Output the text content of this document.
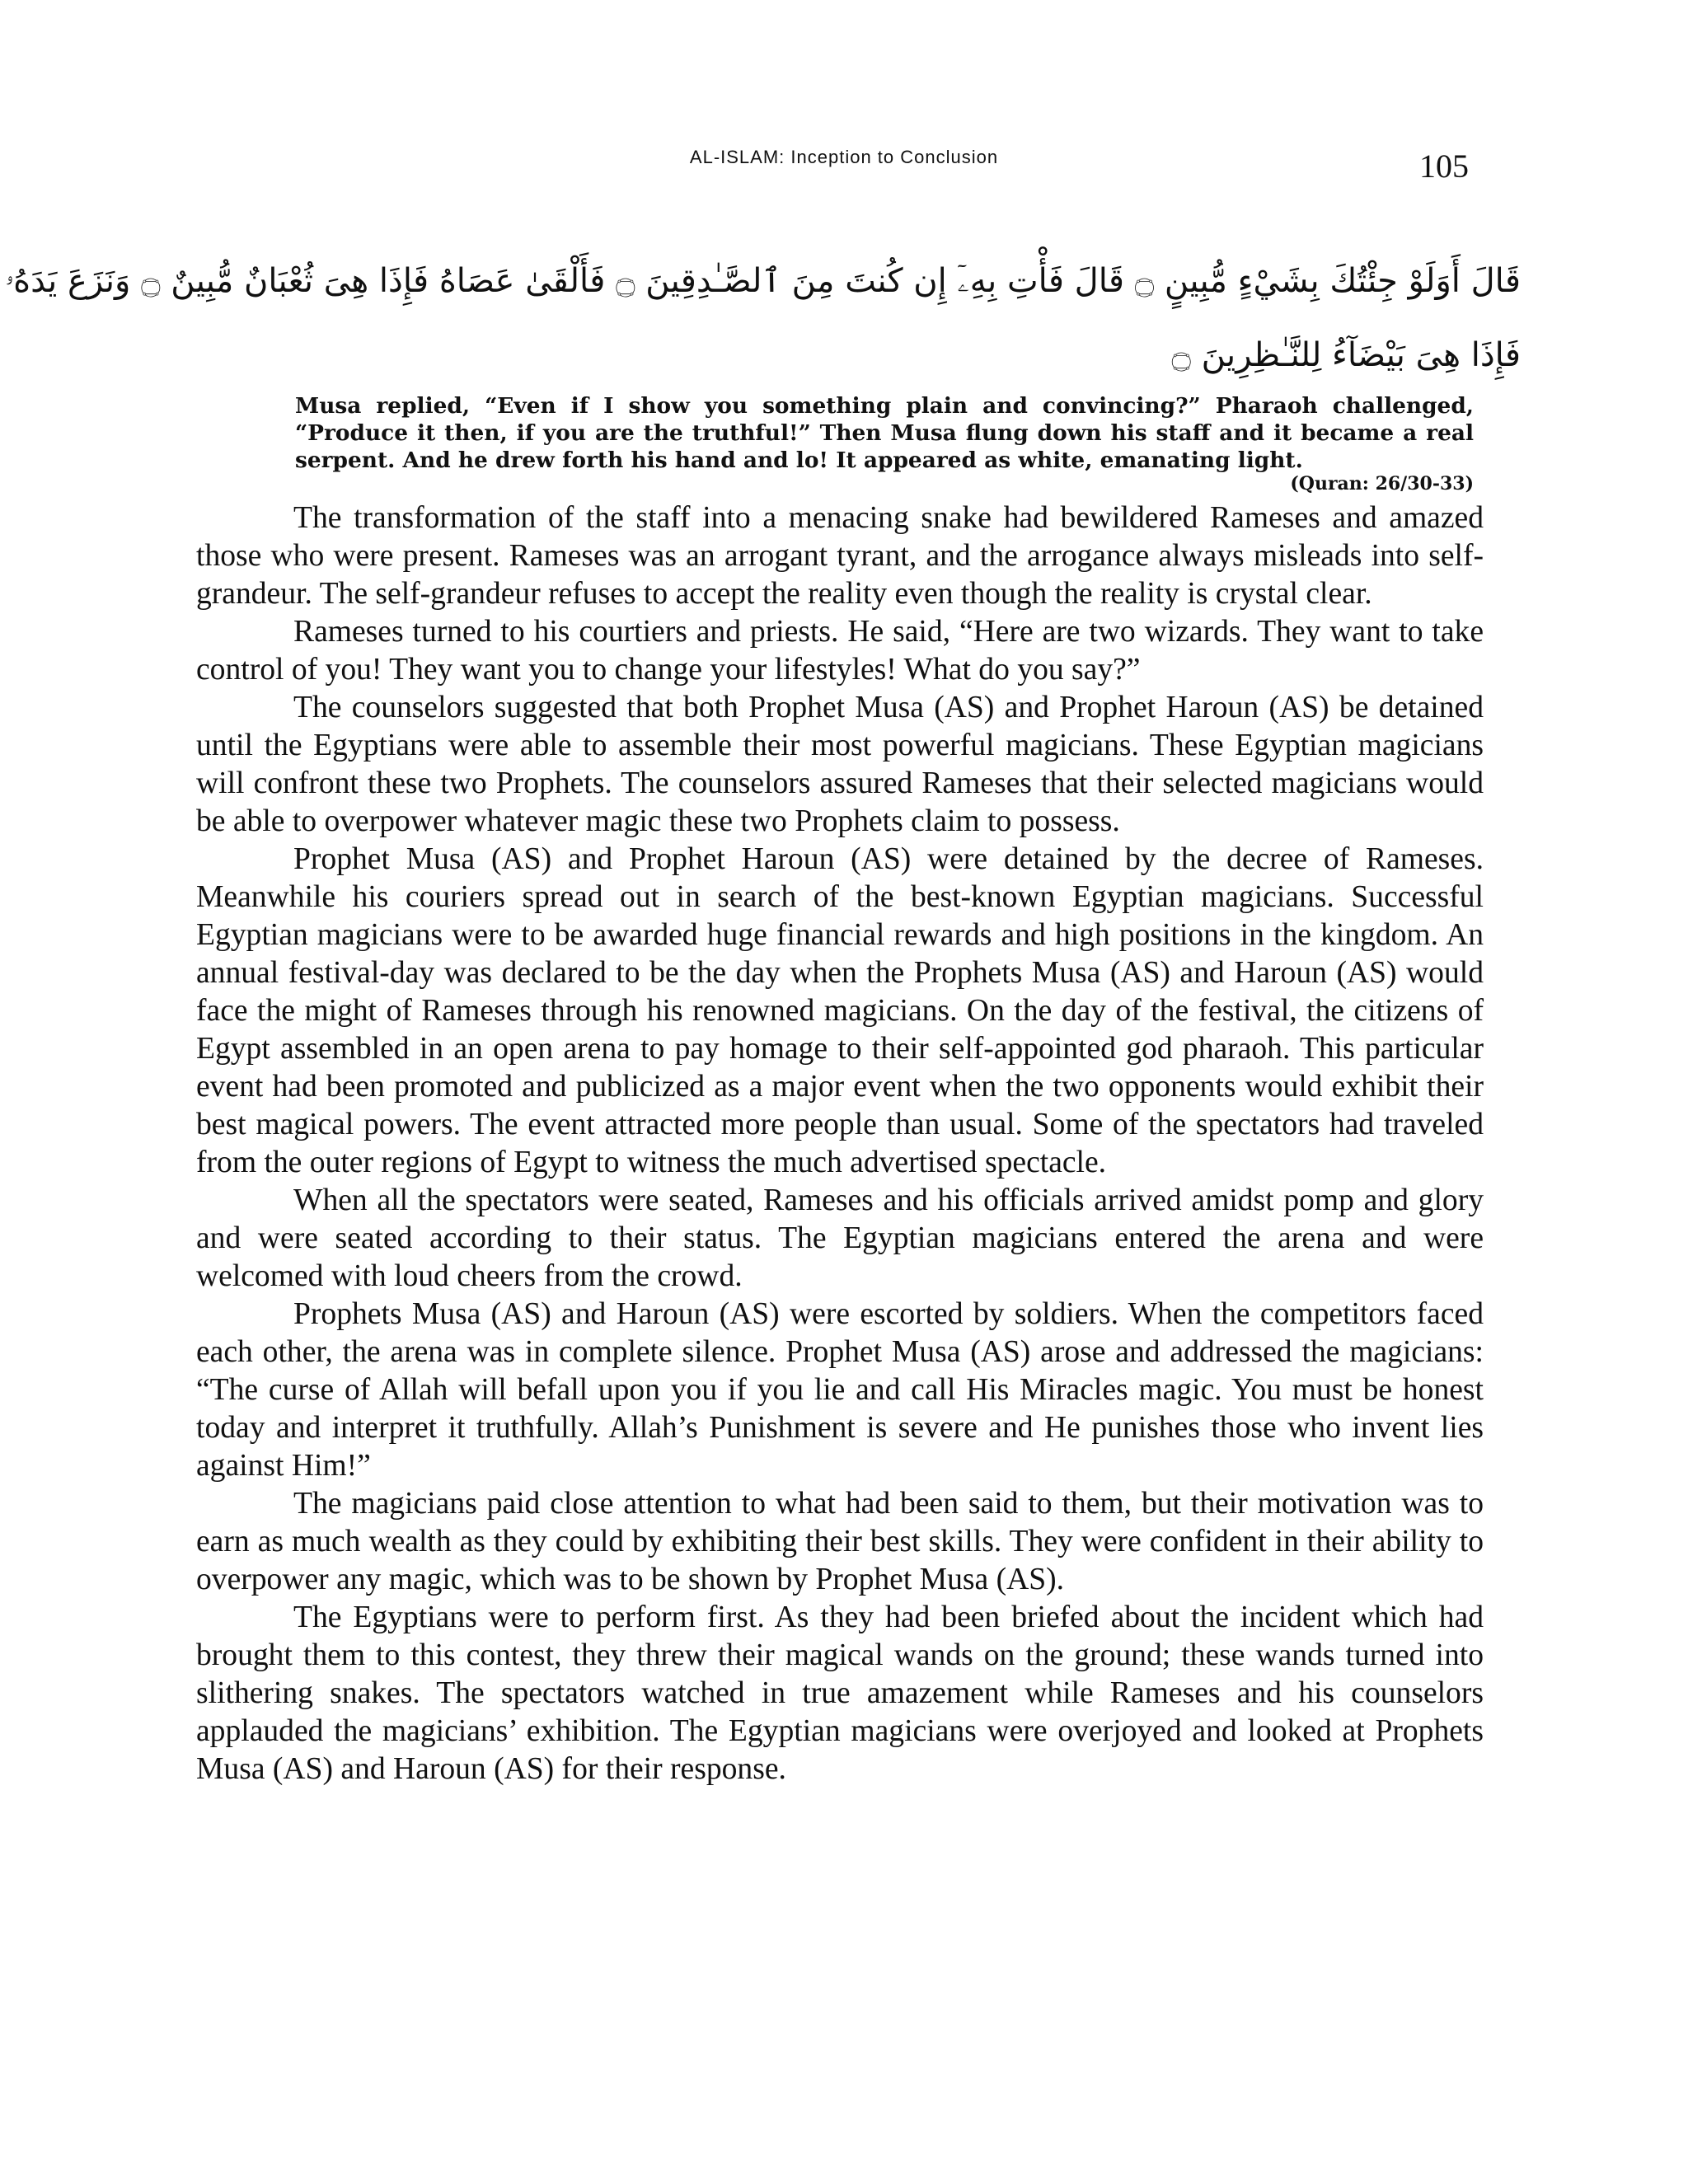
AL-ISLAM: Inception to Conclusion	105
قَالَ أَوَلَوْ جِئْتُكَ بِشَيْءٍ مُّبِينٍ ۝ قَالَ فَأْتِ بِهِۦٓ إِن كُنتَ مِنَ ٱلصَّـٰدِقِينَ ۝ فَأَلْقَىٰ عَصَاهُ فَإِذَا هِىَ ثُعْبَانٌ مُّبِينٌ ۝ وَنَزَعَ يَدَهُۥ
فَإِذَا هِىَ بَيْضَآءُ لِلنَّـٰظِرِينَ ۝
Musa replied, “Even if I show you something plain and convincing?” Pharaoh challenged, “Produce it then, if you are the truthful!” Then Musa flung down his staff and it became a real serpent. And he drew forth his hand and lo! It appeared as white, emanating light.
(Quran: 26/30-33)

The transformation of the staff into a menacing snake had bewildered Rameses and amazed those who were present. Rameses was an arrogant tyrant, and the arrogance always misleads into self-grandeur. The self-grandeur refuses to accept the reality even though the reality is crystal clear.

Rameses turned to his courtiers and priests. He said, “Here are two wizards. They want to take control of you! They want you to change your lifestyles! What do you say?”

The counselors suggested that both Prophet Musa (AS) and Prophet Haroun (AS) be detained until the Egyptians were able to assemble their most powerful magicians. These Egyptian magicians will confront these two Prophets. The counselors assured Rameses that their selected magicians would be able to overpower whatever magic these two Prophets claim to possess.

Prophet Musa (AS) and Prophet Haroun (AS) were detained by the decree of Rameses. Meanwhile his couriers spread out in search of the best-known Egyptian magicians. Successful Egyptian magicians were to be awarded huge financial rewards and high positions in the kingdom. An annual festival-day was declared to be the day when the Prophets Musa (AS) and Haroun (AS) would face the might of Rameses through his renowned magicians. On the day of the festival, the citizens of Egypt assembled in an open arena to pay homage to their self-appointed god pharaoh. This particular event had been promoted and publicized as a major event when the two opponents would exhibit their best magical powers. The event attracted more people than usual. Some of the spectators had traveled from the outer regions of Egypt to witness the much advertised spectacle.

When all the spectators were seated, Rameses and his officials arrived amidst pomp and glory and were seated according to their status. The Egyptian magicians entered the arena and were welcomed with loud cheers from the crowd.

Prophets Musa (AS) and Haroun (AS) were escorted by soldiers. When the competitors faced each other, the arena was in complete silence. Prophet Musa (AS) arose and addressed the magicians: “The curse of Allah will befall upon you if you lie and call His Miracles magic. You must be honest today and interpret it truthfully. Allah’s Punishment is severe and He punishes those who invent lies against Him!”

The magicians paid close attention to what had been said to them, but their motivation was to earn as much wealth as they could by exhibiting their best skills. They were confident in their ability to overpower any magic, which was to be shown by Prophet Musa (AS).

The Egyptians were to perform first. As they had been briefed about the incident which had brought them to this contest, they threw their magical wands on the ground; these wands turned into slithering snakes. The spectators watched in true amazement while Rameses and his counselors applauded the magicians’ exhibition. The Egyptian magicians were overjoyed and looked at Prophets Musa (AS) and Haroun (AS) for their response.
